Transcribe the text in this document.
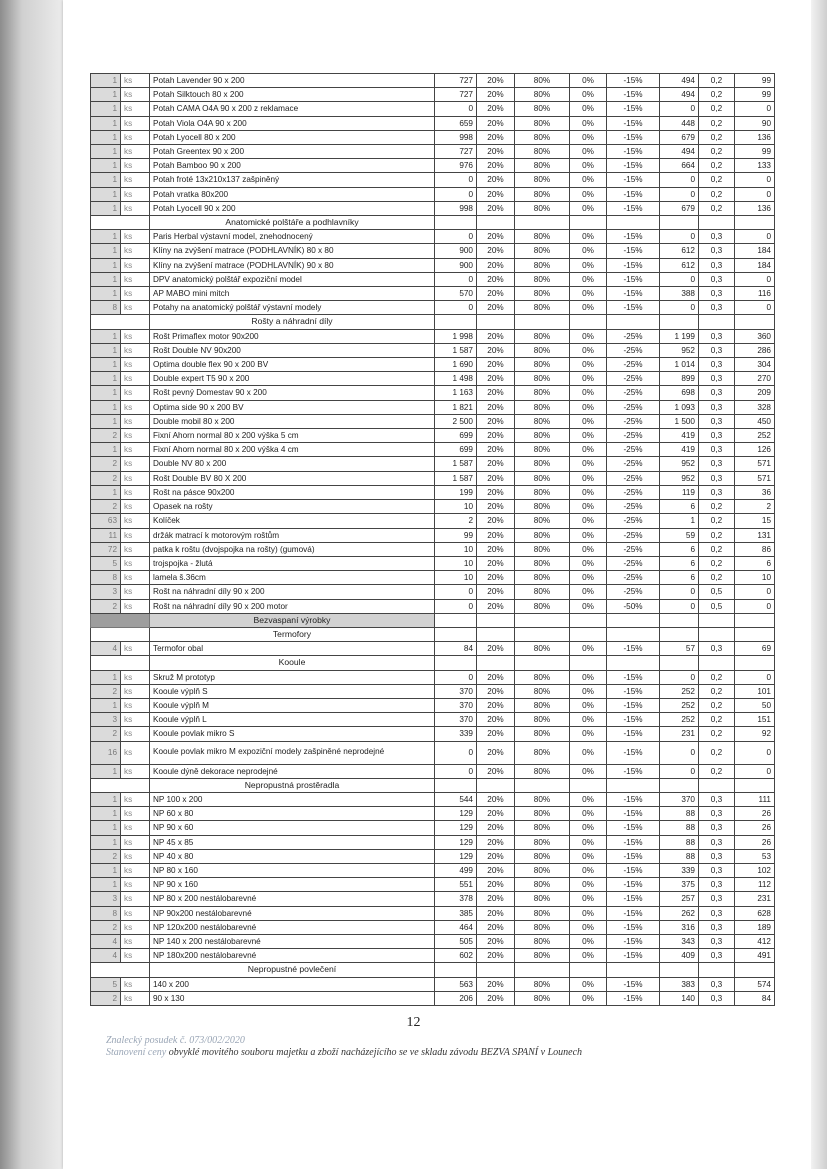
1	ks	Potah Lavender 90 x 200	727	20%	80%	0%	-15%	494	0,2	99
1	ks	Potah Silktouch 80 x 200	727	20%	80%	0%	-15%	494	0,2	99
1	ks	Potah CAMA O4A 90 x 200 z reklamace	0	20%	80%	0%	-15%	0	0,2	0
1	ks	Potah Viola O4A 90 x 200	659	20%	80%	0%	-15%	448	0,2	90
1	ks	Potah Lyocell 80 x 200	998	20%	80%	0%	-15%	679	0,2	136
1	ks	Potah Greentex 90 x 200	727	20%	80%	0%	-15%	494	0,2	99
1	ks	Potah Bamboo 90 x 200	976	20%	80%	0%	-15%	664	0,2	133
1	ks	Potah froté 13x210x137 zašpiněný	0	20%	80%	0%	-15%	0	0,2	0
1	ks	Potah vratka 80x200	0	20%	80%	0%	-15%	0	0,2	0
1	ks	Potah Lyocell 90 x 200	998	20%	80%	0%	-15%	679	0,2	136
		Anatomické polštáře a podhlavníky								
1	ks	Paris Herbal výstavní model, znehodnocený	0	20%	80%	0%	-15%	0	0,3	0
1	ks	Klíny na zvýšení matrace (PODHLAVNÍK) 80 x 80	900	20%	80%	0%	-15%	612	0,3	184
1	ks	Klíny na zvýšení matrace (PODHLAVNÍK) 90 x 80	900	20%	80%	0%	-15%	612	0,3	184
1	ks	DPV anatomický polštář expoziční model	0	20%	80%	0%	-15%	0	0,3	0
1	ks	AP MABO mini mitch	570	20%	80%	0%	-15%	388	0,3	116
8	ks	Potahy na anatomický polštář výstavní modely	0	20%	80%	0%	-15%	0	0,3	0
		Rošty a náhradní díly								
1	ks	Rošt Primaflex motor 90x200	1 998	20%	80%	0%	-25%	1 199	0,3	360
1	ks	Rošt Double NV 90x200	1 587	20%	80%	0%	-25%	952	0,3	286
1	ks	Optima double flex 90 x 200 BV	1 690	20%	80%	0%	-25%	1 014	0,3	304
1	ks	Double expert T5 90 x 200	1 498	20%	80%	0%	-25%	899	0,3	270
1	ks	Rošt pevný Domestav 90 x 200	1 163	20%	80%	0%	-25%	698	0,3	209
1	ks	Optima side 90 x 200 BV	1 821	20%	80%	0%	-25%	1 093	0,3	328
1	ks	Double mobil 80 x 200	2 500	20%	80%	0%	-25%	1 500	0,3	450
2	ks	Fixní Ahorn normal 80 x 200 výška 5 cm	699	20%	80%	0%	-25%	419	0,3	252
1	ks	Fixní Ahorn normal 80 x 200 výška 4 cm	699	20%	80%	0%	-25%	419	0,3	126
2	ks	Double NV 80 x 200	1 587	20%	80%	0%	-25%	952	0,3	571
2	ks	Rošt Double BV 80 X 200	1 587	20%	80%	0%	-25%	952	0,3	571
1	ks	Rošt na pásce 90x200	199	20%	80%	0%	-25%	119	0,3	36
2	ks	Opasek na rošty	10	20%	80%	0%	-25%	6	0,2	2
63	ks	Kolíček	2	20%	80%	0%	-25%	1	0,2	15
11	ks	držák matrací k motorovým roštům	99	20%	80%	0%	-25%	59	0,2	131
72	ks	patka k roštu (dvojspojka na rošty) (gumová)	10	20%	80%	0%	-25%	6	0,2	86
5	ks	trojspojka - žlutá	10	20%	80%	0%	-25%	6	0,2	6
8	ks	lamela š.36cm	10	20%	80%	0%	-25%	6	0,2	10
3	ks	Rošt na náhradní díly 90 x 200	0	20%	80%	0%	-25%	0	0,5	0
2	ks	Rošt na náhradní díly 90 x 200 motor	0	20%	80%	0%	-50%	0	0,5	0
		Bezvaspaní výrobky								
		Termofory								
4	ks	Termofor obal	84	20%	80%	0%	-15%	57	0,3	69
		Kooule								
1	ks	Skruž M prototyp	0	20%	80%	0%	-15%	0	0,2	0
2	ks	Kooule výplň S	370	20%	80%	0%	-15%	252	0,2	101
1	ks	Kooule výplň M	370	20%	80%	0%	-15%	252	0,2	50
3	ks	Kooule výplň L	370	20%	80%	0%	-15%	252	0,2	151
2	ks	Kooule povlak mikro S	339	20%	80%	0%	-15%	231	0,2	92
16	ks	Kooule povlak mikro M expoziční modely zašpiněné neprodejné	0	20%	80%	0%	-15%	0	0,2	0
1	ks	Kooule dýně dekorace neprodejné	0	20%	80%	0%	-15%	0	0,2	0
		Nepropustná prostěradla								
1	ks	NP 100 x 200	544	20%	80%	0%	-15%	370	0,3	111
1	ks	NP 60 x 80	129	20%	80%	0%	-15%	88	0,3	26
1	ks	NP 90 x 60	129	20%	80%	0%	-15%	88	0,3	26
1	ks	NP 45 x 85	129	20%	80%	0%	-15%	88	0,3	26
2	ks	NP 40 x 80	129	20%	80%	0%	-15%	88	0,3	53
1	ks	NP 80 x 160	499	20%	80%	0%	-15%	339	0,3	102
1	ks	NP 90 x 160	551	20%	80%	0%	-15%	375	0,3	112
3	ks	NP 80 x 200 nestálobarevné	378	20%	80%	0%	-15%	257	0,3	231
8	ks	NP 90x200 nestálobarevné	385	20%	80%	0%	-15%	262	0,3	628
2	ks	NP 120x200 nestálobarevné	464	20%	80%	0%	-15%	316	0,3	189
4	ks	NP 140 x 200 nestálobarevné	505	20%	80%	0%	-15%	343	0,3	412
4	ks	NP 180x200 nestálobarevné	602	20%	80%	0%	-15%	409	0,3	491
		Nepropustné povlečení								
5	ks	140 x 200	563	20%	80%	0%	-15%	383	0,3	574
2	ks	90 x 130	206	20%	80%	0%	-15%	140	0,3	84
12
Znalecký posudek č. 073/002/2020
Stanovení ceny obvyklé movitého souboru majetku a zboží nacházejícího se ve skladu závodu BEZVA SPANÍ v Lounech
